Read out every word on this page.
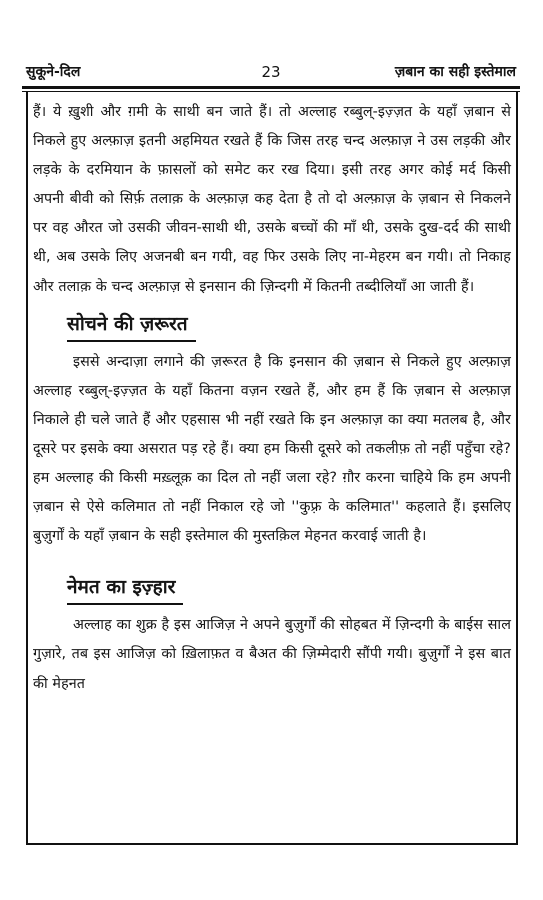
सुकूने-दिल	23	ज़बान का सही इस्तेमाल

हैं। ये ख़ुशी और ग़मी के साथी बन जाते हैं। तो अल्लाह रब्बुल्-इज़्ज़त के यहाँ ज़बान से निकले हुए अल्फ़ाज़ इतनी अहमियत रखते हैं कि जिस तरह चन्द अल्फ़ाज़ ने उस लड़की और लड़के के दरमियान के फ़ासलों को समेट कर रख दिया। इसी तरह अगर कोई मर्द किसी अपनी बीवी को सिर्फ़ तलाक़ के अल्फ़ाज़ कह देता है तो दो अल्फ़ाज़ के ज़बान से निकलने पर वह औरत जो उसकी जीवन-साथी थी, उसके बच्चों की माँ थी, उसके दुख-दर्द की साथी थी, अब उसके लिए अजनबी बन गयी, वह फिर उसके लिए ना-मेहरम बन गयी। तो निकाह और तलाक़ के चन्द अल्फ़ाज़ से इनसान की ज़िन्दगी में कितनी तब्दीलियाँ आ जाती हैं।

सोचने की ज़रूरत

इससे अन्दाज़ा लगाने की ज़रूरत है कि इनसान की ज़बान से निकले हुए अल्फ़ाज़ अल्लाह रब्बुल्-इज़्ज़त के यहाँ कितना वज़न रखते हैं, और हम हैं कि ज़बान से अल्फ़ाज़ निकाले ही चले जाते हैं और एहसास भी नहीं रखते कि इन अल्फ़ाज़ का क्या मतलब है, और दूसरे पर इसके क्या असरात पड़ रहे हैं। क्या हम किसी दूसरे को तकलीफ़ तो नहीं पहुँचा रहे? हम अल्लाह की किसी मख़्लूक़ का दिल तो नहीं जला रहे? ग़ौर करना चाहिये कि हम अपनी ज़बान से ऐसे कलिमात तो नहीं निकाल रहे जो ''कुफ़्र के कलिमात'' कहलाते हैं। इसलिए बुज़ुर्गों के यहाँ ज़बान के सही इस्तेमाल की मुस्तक़िल मेहनत करवाई जाती है।

नेमत का इज़्हार

अल्लाह का शुक्र है इस आजिज़ ने अपने बुज़ुर्गों की सोहबत में ज़िन्दगी के बाईस साल गुज़ारे, तब इस आजिज़ को ख़िलाफ़त व बैअत की ज़िम्मेदारी सौंपी गयी। बुज़ुर्गों ने इस बात की मेहनत
